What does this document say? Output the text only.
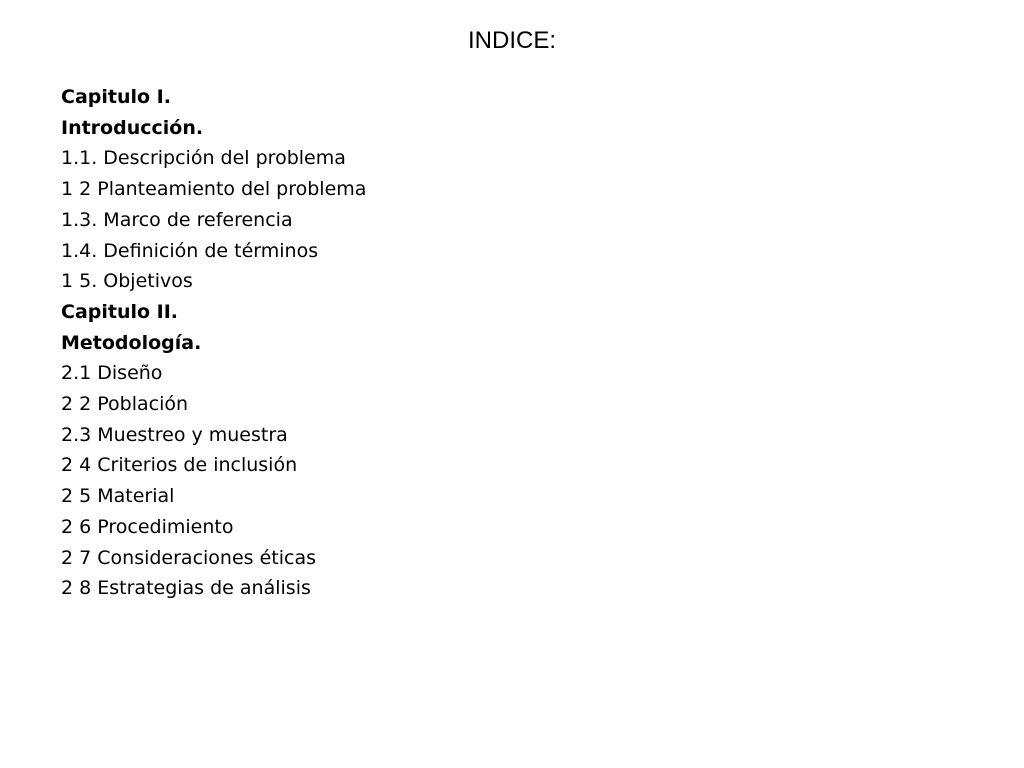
INDICE:
Capitulo I.
Introducción.
1.1. Descripción del problema
1 2 Planteamiento del problema
1.3. Marco de referencia
1.4. Definición de términos
1 5. Objetivos
Capitulo II.
Metodología.
2.1 Diseño
2 2 Población
2.3 Muestreo y muestra
2 4 Criterios de inclusión
2 5 Material
2 6 Procedimiento
2 7 Consideraciones éticas
2 8 Estrategias de análisis
